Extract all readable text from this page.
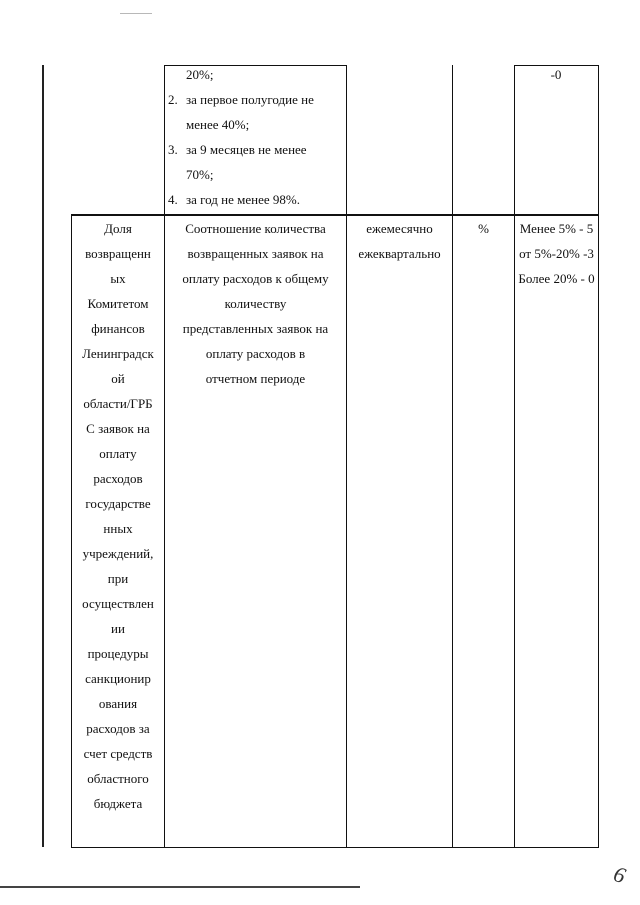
20%;
2. за первое полугодие не
менее 40%;
3. за 9 месяцев не менее
70%;
4. за год не менее 98%.
-0
Доля
возвращенн
ых
Комитетом
финансов
Ленинградск
ой
области/ГРБ
С заявок на
оплату
расходов
государстве
нных
учреждений,
при
осуществлен
ии
процедуры
санкционир
ования
расходов за
счет средств
областного
бюджета
Соотношение количества
возвращенных заявок на
оплату расходов к общему
количеству
представленных заявок на
оплату расходов в
отчетном периоде
ежемесячно
ежеквартально
%	Менее 5% - 5
от 5%-20% -3
Более 20% - 0
6
